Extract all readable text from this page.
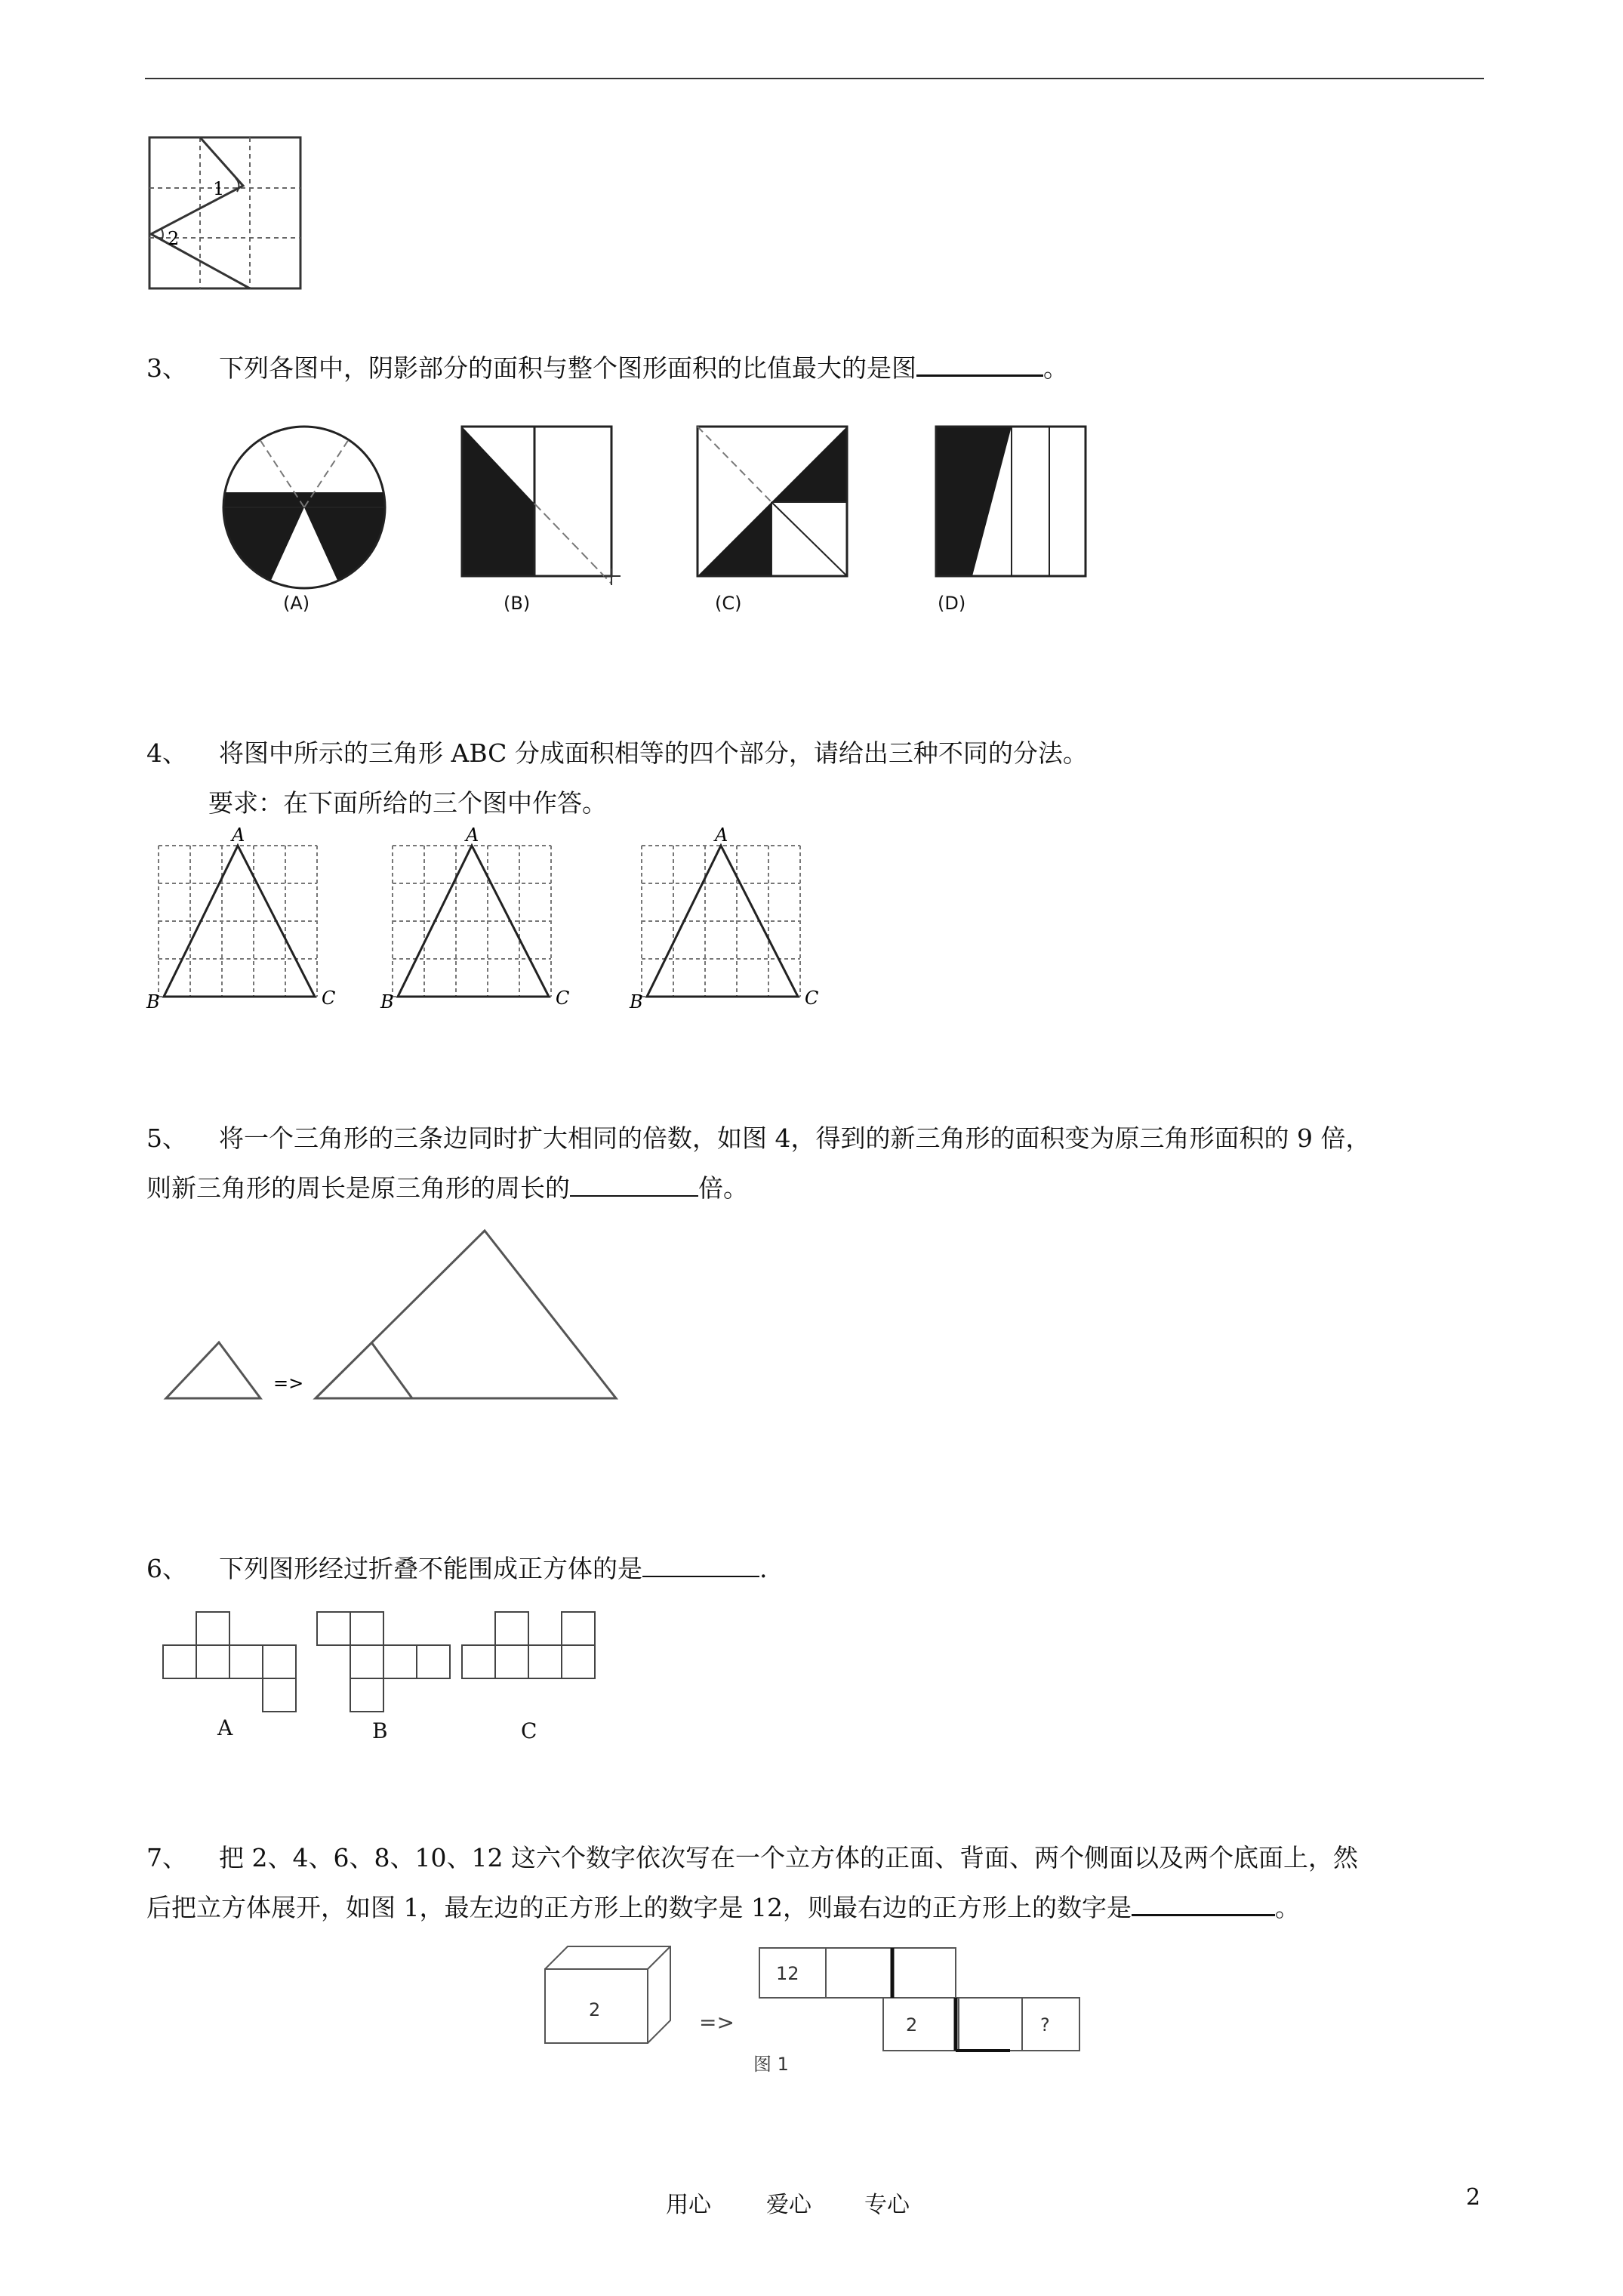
1
2
3、 下列各图中，阴影部分的面积与整个图形面积的比值最大的是图	。
(A)	(B)	(C)	(D)
4、 将图中所示的三角形 ABC 分成面积相等的四个部分，请给出三种不同的分法。
要求：在下面所给的三个图中作答。
A
B	C
A
B	C
A
B	C
5、 将一个三角形的三条边同时扩大相同的倍数，如图 4，得到的新三角形的面积变为原三角形面积的 9 倍，
则新三角形的周长是原三角形的周长的	倍。
=>
6、 下列图形经过折叠不能围成正方体的是	.
A	B	C
7、 把 2、4、6、8、10、12 这六个数字依次写在一个立方体的正面、背面、两个侧面以及两个底面上，然
后把立方体展开，如图 1，最左边的正方形上的数字是 12，则最右边的正方形上的数字是	。
2	=>
12
2	?
图 1
用心 爱心 专心	2
